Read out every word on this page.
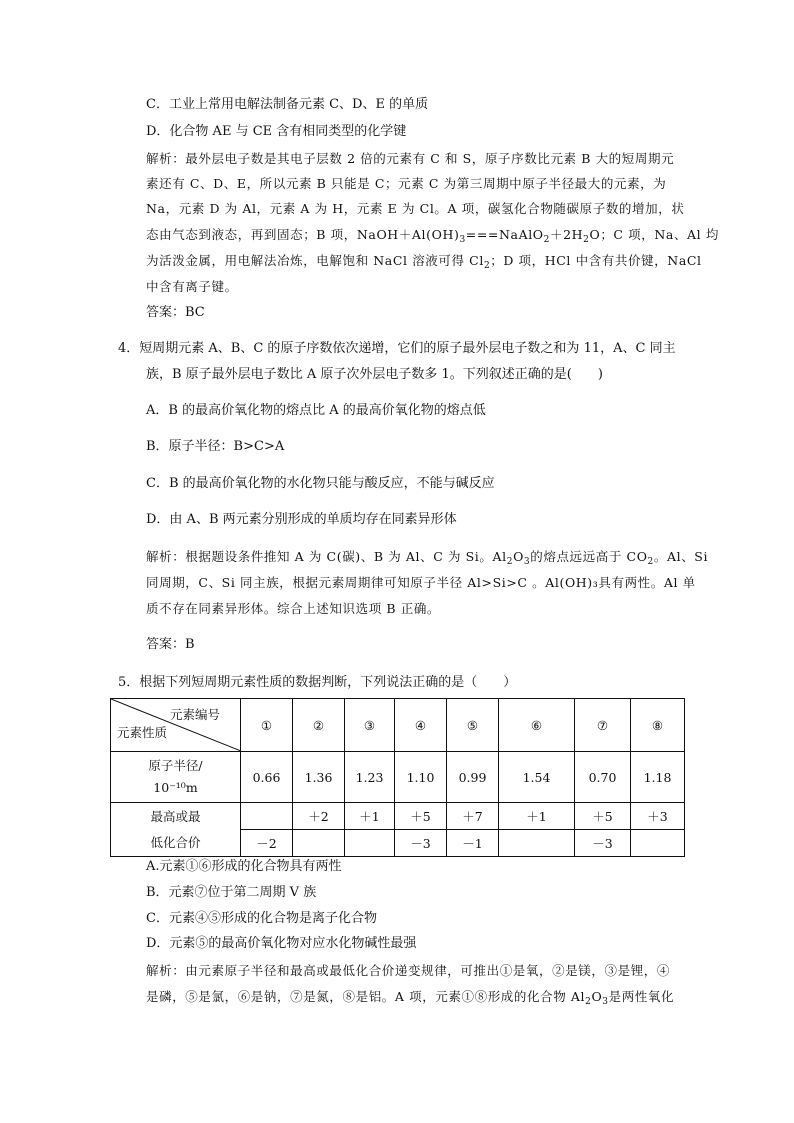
C．工业上常用电解法制备元素 C、D、E 的单质
D．化合物 AE 与 CE 含有相同类型的化学键
解析：最外层电子数是其电子层数 2 倍的元素有 C 和 S，原子序数比元素 B 大的短周期元
素还有 C、D、E，所以元素 B 只能是 C；元素 C 为第三周期中原子半径最大的元素，为
Na，元素 D 为 Al，元素 A 为 H，元素 E 为 Cl。A 项，碳氢化合物随碳原子数的增加，状
态由气态到液态，再到固态；B 项，$NaOH+Al(OH)_3===NaAlO_2+2H_2O$；C 项，Na、Al 均
为活泼金属，用电解法冶炼，电解饱和 NaCl 溶液可得 $Cl_2$；D 项，HCl 中含有共价键，NaCl
中含有离子键。
答案：BC
4．短周期元素 A、B、C 的原子序数依次递增，它们的原子最外层电子数之和为 11，A、C 同主
族，B 原子最外层电子数比 A 原子次外层电子数多 1。下列叙述正确的是(　　)
A．B 的最高价氧化物的熔点比 A 的最高价氧化物的熔点低
B．原子半径：B>C>A
C．B 的最高价氧化物的水化物只能与酸反应，不能与碱反应
D．由 A、B 两元素分别形成的单质均存在同素异形体
解析：根据题设条件推知 A 为 C(碳)、B 为 Al、C 为 Si。$Al_2O_3$的熔点远远高于 $CO_2$。Al、Si
同周期，C、Si 同主族，根据元素周期律可知原子半径 Al>Si>C 。Al(OH)₃具有两性。Al 单
质不存在同素异形体。综合上述知识选项 B 正确。
答案：B
5．根据下列短周期元素性质的数据判断，下列说法正确的是（　　）
元素编号
元素性质	①	②	③	④	⑤	⑥	⑦	⑧
原子半径/
10⁻¹⁰m	0.66	1.36	1.23	1.10	0.99	1.54	0.70	1.18
最高或最
低化合价		＋2	＋1	＋5	＋7	＋1	＋5	＋3
	－2			－3	－1		－3	
A.元素①⑥形成的化合物具有两性
B．元素⑦位于第二周期 V 族
C．元素④⑤形成的化合物是离子化合物
D．元素⑤的最高价氧化物对应水化物碱性最强
解析：由元素原子半径和最高或最低化合价递变规律，可推出①是氧，②是镁，③是锂，④
是磷，⑤是氯，⑥是钠，⑦是氮，⑧是铝。A 项，元素①⑧形成的化合物 $Al_2O_3$是两性氧化
